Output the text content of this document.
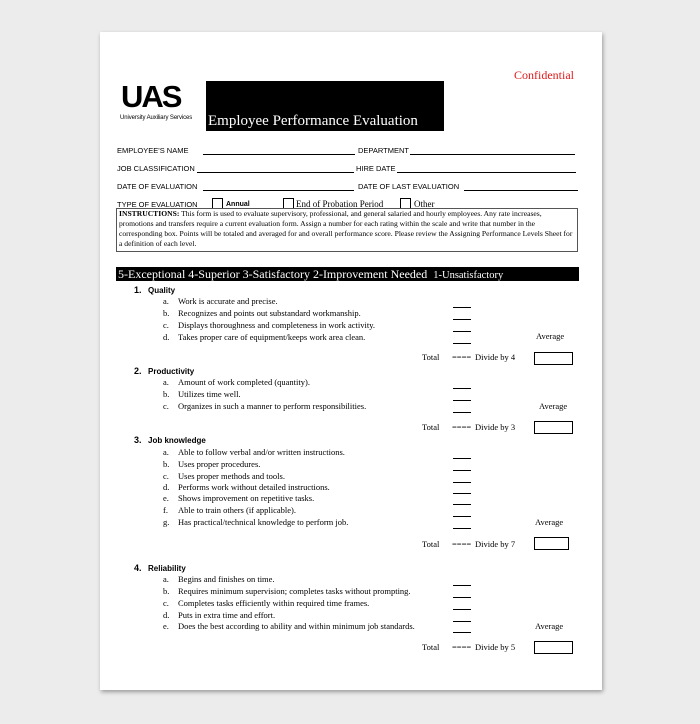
UAS
University Auxiliary Services
Confidential
Employee Performance Evaluation
EMPLOYEE'S NAME	DEPARTMENT
JOB CLASSIFICATION	HIRE DATE
DATE OF EVALUATION	DATE OF LAST EVALUATION
TYPE OF EVALUATION	Annual	End of Probation Period	Other
INSTRUCTIONS: This form is used to evaluate supervisory, professional, and general salaried and hourly employees. Any rate increases, promotions and transfers require a current evaluation form. Assign a number for each rating within the scale and write that number in the corresponding box. Points will be totaled and averaged for and overall performance score. Please review the Assigning Performance Levels Sheet for a definition of each level.
5-Exceptional 4-Superior 3-Satisfactory 2-Improvement Needed 1-Unsatisfactory
1. Quality
a. Work is accurate and precise.
b. Recognizes and points out substandard workmanship.
c. Displays thoroughness and completeness in work activity.
d. Takes proper care of equipment/keeps work area clean.	Average
Total ==== Divide by 4
2. Productivity
a. Amount of work completed (quantity).
b. Utilizes time well.
c. Organizes in such a manner to perform responsibilities.	Average
Total ==== Divide by 3
3. Job knowledge
a. Able to follow verbal and/or written instructions.
b. Uses proper procedures.
c. Uses proper methods and tools.
d. Performs work without detailed instructions.
e. Shows improvement on repetitive tasks.
f. Able to train others (if applicable).
g. Has practical/technical knowledge to perform job.	Average
Total ==== Divide by 7
4. Reliability
a. Begins and finishes on time.
b. Requires minimum supervision; completes tasks without prompting.
c. Completes tasks efficiently within required time frames.
d. Puts in extra time and effort.
e. Does the best according to ability and within minimum job standards.	Average
Total ==== Divide by 5
